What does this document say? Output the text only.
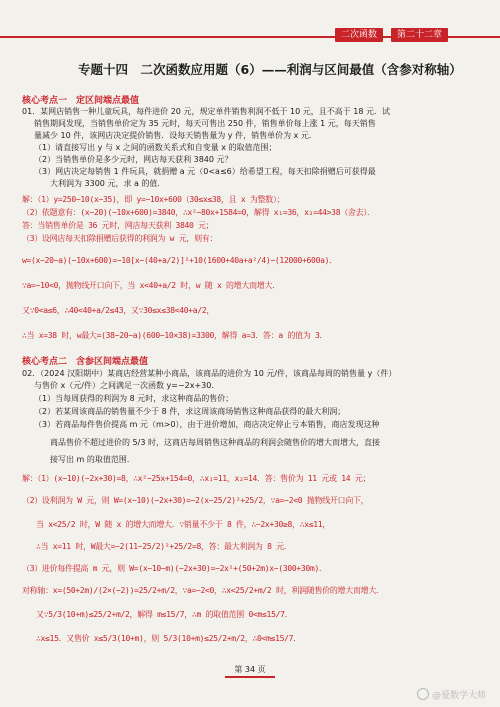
二次函数	第二十二章
专题十四　二次函数应用题（6）——利润与区间最值（含参对称轴）
核心考点一　定区间端点最值
01．某网店销售一种儿童玩具，每件进价 20 元，规定单件销售利润不低于 10 元，且不高于 18 元．试
销售期间发现，当销售单价定为 35 元时，每天可售出 250 件，销售单价每上涨 1 元，每天销售
量减少 10 件，该网店决定提价销售．设每天销售量为 y 件，销售单价为 x 元．
（1）请直接写出 y 与 x 之间的函数关系式和自变量 x 的取值范围；
（2）当销售单价是多少元时，网店每天获利 3840 元？
（3）网店决定每销售 1 件玩具，就捐赠 a 元（0<a≤6）给希望工程，每天扣除捐赠后可获得最
大利润为 3300 元，求 a 的值．
解：（1）y=250−10(x−35)，即 y=−10x+600（30≤x≤38，且 x 为整数）；
（2）依题意有：(x−20)(−10x+600)=3840，∴x²−80x+1584=0，解得 x₁=36，x₂=44>38（舍去）．
答：当销售单价是 36 元时，网店每天获利 3840 元；
（3）设网店每天扣除捐赠后获得的利润为 w 元，则有：
w=(x−20−a)(−10x+600)=−10[x−(40+a/2)]²+10(1600+40a+a²/4)−(12000+600a)．
∵a=−10<0，抛物线开口向下，当 x<40+a/2 时，w 随 x 的增大而增大．
又∵0<a≤6，∴40<40+a/2≤43，又∵30≤x≤38<40+a/2，
∴当 x=38 时，w最大=(38−20−a)(600−10×38)=3300，解得 a=3．答：a 的值为 3．
核心考点二　含参区间端点最值
02．（2024 汉阳期中）某商店经营某种小商品，该商品的进价为 10 元/件，该商品每周的销售量 y（件）
与售价 x（元/件）之间满足一次函数 y=−2x+30．
（1）当每周获得的利润为 8 元时，求这种商品的售价；
（2）若某周该商品的销售量不少于 8 件，求这周该商场销售这种商品获得的最大利润；
（3）若商品每件售价提高 m 元（m>0），由于进价增加，商店决定停止亏本销售，商店发现这种
商品售价不超过进价的 5/3 时，这商店每周销售这种商品的利润会随售价的增大而增大，直接
接写出 m 的取值范围．
解：（1）(x−10)(−2x+30)=8，∴x²−25x+154=0，∴x₁=11，x₂=14．答：售价为 11 元或 14 元；
（2）设利润为 W 元，则 W=(x−10)(−2x+30)=−2(x−25/2)²+25/2，∵a=−2<0 抛物线开口向下，
当 x<25/2 时，W 随 x 的增大而增大．∵销量不少于 8 件，∴−2x+30≥8，∴x≤11，
∴当 x=11 时，W最大=−2(11−25/2)²+25/2=8，答：最大利润为 8 元．
（3）进价每件提高 m 元，则 W=(x−10−m)(−2x+30)=−2x²+(50+2m)x−(300+30m)．
对称轴：x=(50+2m)/(2×(−2))=25/2+m/2，∵a=−2<0，∴x<25/2+m/2 时，利润随售价的增大而增大．
又∵5/3(10+m)≤25/2+m/2，解得 m≤15/7，∴m 的取值范围 0<m≤15/7．
∴x≤15．又售价 x≤5/3(10+m)，则 5/3(10+m)≤25/2+m/2，∴0<m≤15/7．
第 34 页
@爱数学大师
